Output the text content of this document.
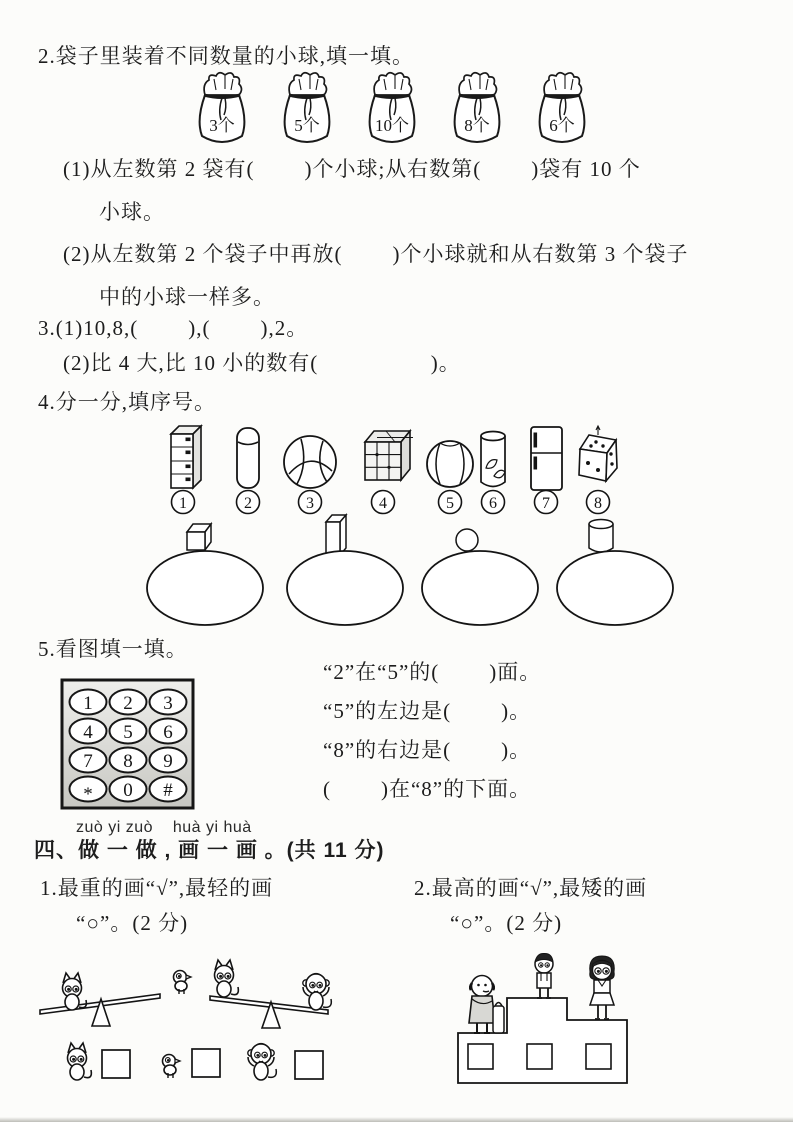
2.袋子里装着不同数量的小球,填一填。
3个	5个	10个	8个	6个
(1)从左数第 2 袋有(        )个小球;从右数第(        )袋有 10 个
小球。
(2)从左数第 2 个袋子中再放(        )个小球就和从右数第 3 个袋子
中的小球一样多。
3.(1)10,8,(        ),(        ),2。
(2)比 4 大,比 10 小的数有(                  )。
4.分一分,填序号。
1	2	3	4	5 6	7	8
5.看图填一填。
1 2 3
4 5 6
7 8 9
* 0 #
“2”在“5”的(        )面。
“5”的左边是(        )。
“8”的右边是(        )。
(        )在“8”的下面。
zuò yi zuò    huà yi huà
四、做 一 做 , 画 一 画 。(共 11 分)
1.最重的画“√”,最轻的画
“○”。(2 分)
2.最高的画“√”,最矮的画
“○”。(2 分)
